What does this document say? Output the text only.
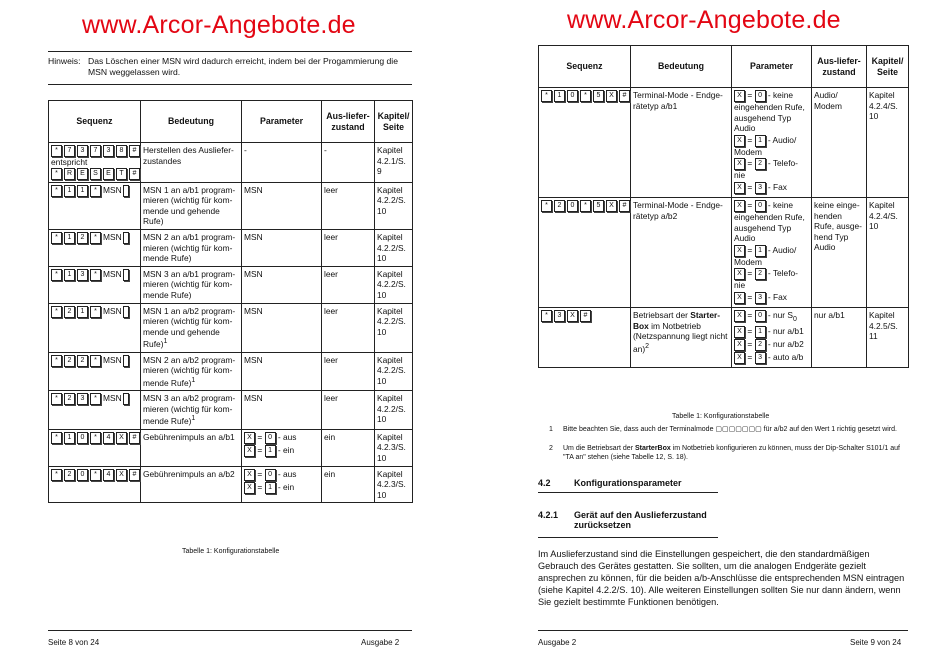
www.Arcor-Angebote.de
Hinweis: Das Löschen einer MSN wird dadurch erreicht, indem bei der Progammierung die MSN weggelassen wird.
Sequenz	Bedeutung	Parameter	Aus-liefer-zustand	Kapitel/ Seite
* 7 3 7 3 8 #
entspricht
* R E S E T #	Herstellen des Ausliefer-zustandes	-	-	Kapitel 4.2.1/S. 9
* 1 1 * MSN	MSN 1 an a/b1 program-mieren (wichtig für kom-mende und gehende Rufe)	MSN	leer	Kapitel 4.2.2/S. 10
* 1 2 * MSN	MSN 2 an a/b1 program-mieren (wichtig für kom-mende Rufe)	MSN	leer	Kapitel 4.2.2/S. 10
* 1 3 * MSN	MSN 3 an a/b1 program-mieren (wichtig für kom-mende Rufe)	MSN	leer	Kapitel 4.2.2/S. 10
* 2 1 * MSN	MSN 1 an a/b2 program-mieren (wichtig für kom-mende und gehende Rufe)$^1$	MSN	leer	Kapitel 4.2.2/S. 10
* 2 2 * MSN	MSN 2 an a/b2 program-mieren (wichtig für kom-mende Rufe)$^1$	MSN	leer	Kapitel 4.2.2/S. 10
* 2 3 * MSN	MSN 3 an a/b2 program-mieren (wichtig für kom-mende Rufe)$^1$	MSN	leer	Kapitel 4.2.2/S. 10
* 1 0 * 4 X #	Gebührenimpuls an a/b1	X = 0 - aus
X = 1 - ein	ein	Kapitel 4.2.3/S. 10
* 2 0 * 4 X #	Gebührenimpuls an a/b2	X = 0 - aus
X = 1 - ein	ein	Kapitel 4.2.3/S. 10
Tabelle 1: Konfigurationstabelle
Seite 8 von 24	Ausgabe 2
www.Arcor-Angebote.de
Sequenz	Bedeutung	Parameter	Aus-liefer-zustand	Kapitel/ Seite
* 1 0 * 5 X #	Terminal-Mode - Endge-rätetyp a/b1	X = 0 - keine eingehenden Rufe, ausgehend Typ Audio
X = 1 - Audio/ Modem
X = 2 - Telefo-nie
X = 3 - Fax	Audio/ Modem	Kapitel 4.2.4/S. 10
* 2 0 * 5 X #	Terminal-Mode - Endge-rätetyp a/b2	X = 0 - keine eingehenden Rufe, ausgehend Typ Audio
X = 1 - Audio/ Modem
X = 2 - Telefo-nie
X = 3 - Fax	keine einge-henden Rufe, ausge-hend Typ Audio	Kapitel 4.2.4/S. 10
* 3 X #	Betriebsart der Starter-Box im Notbetrieb (Netzspannung liegt nicht an)$^2$	X = 0 - nur $S_0$
X = 1 - nur a/b1
X = 2 - nur a/b2
X = 3 - auto a/b	nur a/b1	Kapitel 4.2.5/S. 11
Tabelle 1: Konfigurationstabelle
1 Bitte beachten Sie, dass auch der Terminalmode ▢▢▢▢▢▢▢ für a/b2 auf den Wert 1 richtig gesetzt wird.
2 Um die Betriebsart der StarterBox im Notbetrieb konfigurieren zu können, muss der Dip-Schalter S101/1 auf "TA an" stehen (siehe Tabelle 12, S. 18).
4.2	Konfigurationsparameter
4.2.1 Gerät auf den Auslieferzustand zurücksetzen
Im Auslieferzustand sind die Einstellungen gespeichert, die den standardmäßigen Gebrauch des Gerätes gestatten. Sie sollten, um die analogen Endgeräte gezielt ansprechen zu können, für die beiden a/b-Anschlüsse die entsprechenden MSN eintragen (siehe Kapitel 4.2.2/S. 10). Alle weiteren Einstellungen sollten Sie nur dann ändern, wenn Sie gezielt bestimmte Funktionen benötigen.
Ausgabe 2	Seite 9 von 24
